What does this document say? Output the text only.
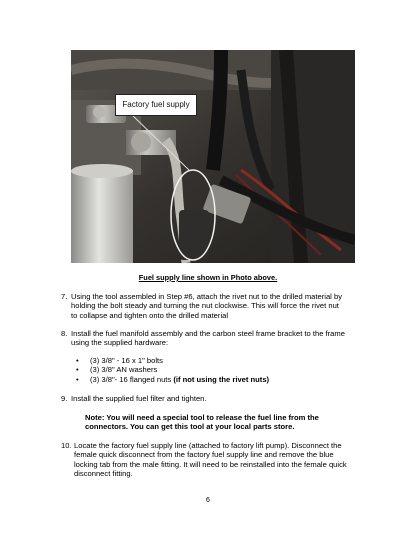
Factory fuel supply
Fuel supply line shown in Photo above.
7. Using the tool assembled in Step #6, attach the rivet nut to the drilled material by
holding the bolt steady and turning the nut clockwise. This will force the rivet nut
to collapse and tighten onto the drilled material
8. Install the fuel manifold assembly and the carbon steel frame bracket to the frame
using the supplied hardware:
• (3) 3/8" - 16 x 1" bolts
• (3) 3/8" AN washers
• (3) 3/8"- 16 flanged nuts (if not using the rivet nuts)
9. Install the supplied fuel filter and tighten.
Note: You will need a special tool to release the fuel line from the
connectors. You can get this tool at your local parts store.
10. Locate the factory fuel supply line (attached to factory lift pump). Disconnect the
female quick disconnect from the factory fuel supply line and remove the blue
locking tab from the male fitting. It will need to be reinstalled into the female quick
disconnect fitting.
6
